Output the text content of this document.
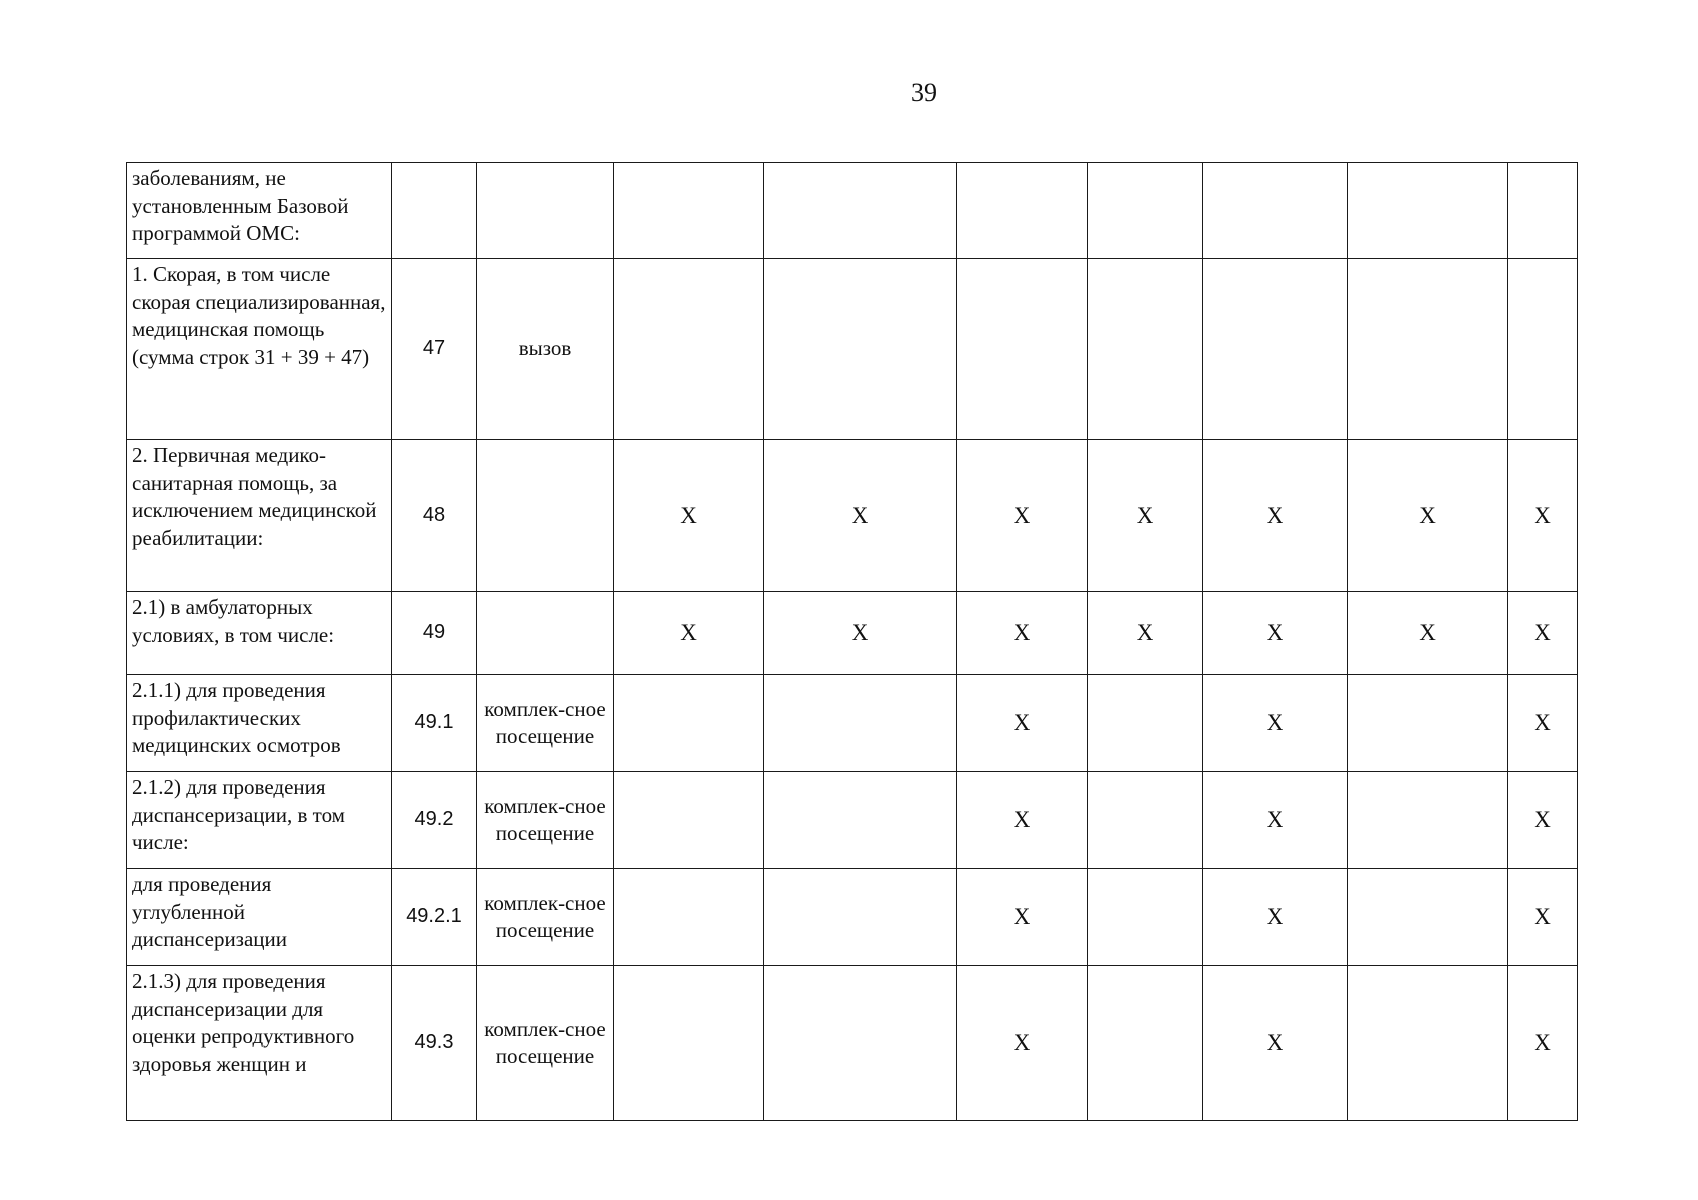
39
заболеваниям, не установленным Базовой программой ОМС:									
1. Скорая, в том числе скорая специализированная, медицинская помощь (сумма строк 31 + 39 + 47)	47	вызов							
2. Первичная медико-санитарная помощь, за исключением медицинской реабилитации:	48		X	X	X	X	X	X	X
2.1) в амбулаторных условиях, в том числе:	49		X	X	X	X	X	X	X
2.1.1) для проведения профилактических медицинских осмотров	49.1	комплек-сное посещение			X		X		X
2.1.2) для проведения диспансеризации, в том числе:	49.2	комплек-сное посещение			X		X		X
для проведения углубленной диспансеризации	49.2.1	комплек-сное посещение			X		X		X
2.1.3) для проведения диспансеризации для оценки репродуктивного здоровья женщин и	49.3	комплек-сное посещение			X		X		X
